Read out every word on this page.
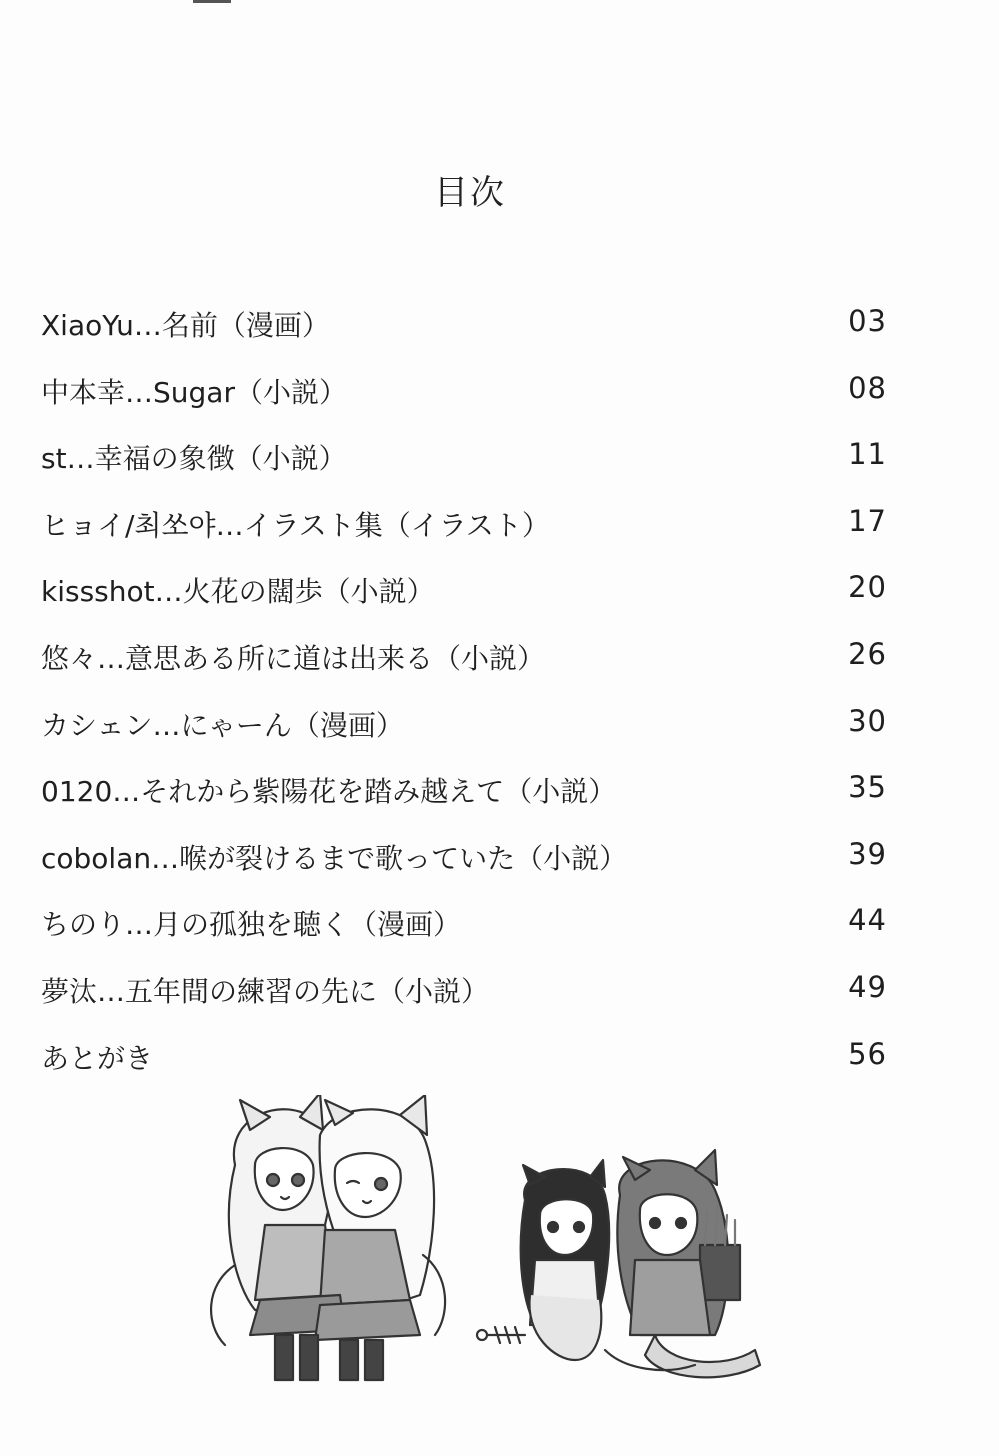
目次
XiaoYu…名前（漫画）	03
中本幸…Sugar（小説）	08
st…幸福の象徴（小説）	11
ヒョイ/최쏘야…イラスト集（イラスト）	17
kissshot…火花の闊歩（小説）	20
悠々…意思ある所に道は出来る（小説）	26
カシェン…にゃーん（漫画）	30
0120…それから紫陽花を踏み越えて（小説）	35
cobolan…喉が裂けるまで歌っていた（小説）	39
ちのり…月の孤独を聴く（漫画）	44
夢汰…五年間の練習の先に（小説）	49
あとがき	56
